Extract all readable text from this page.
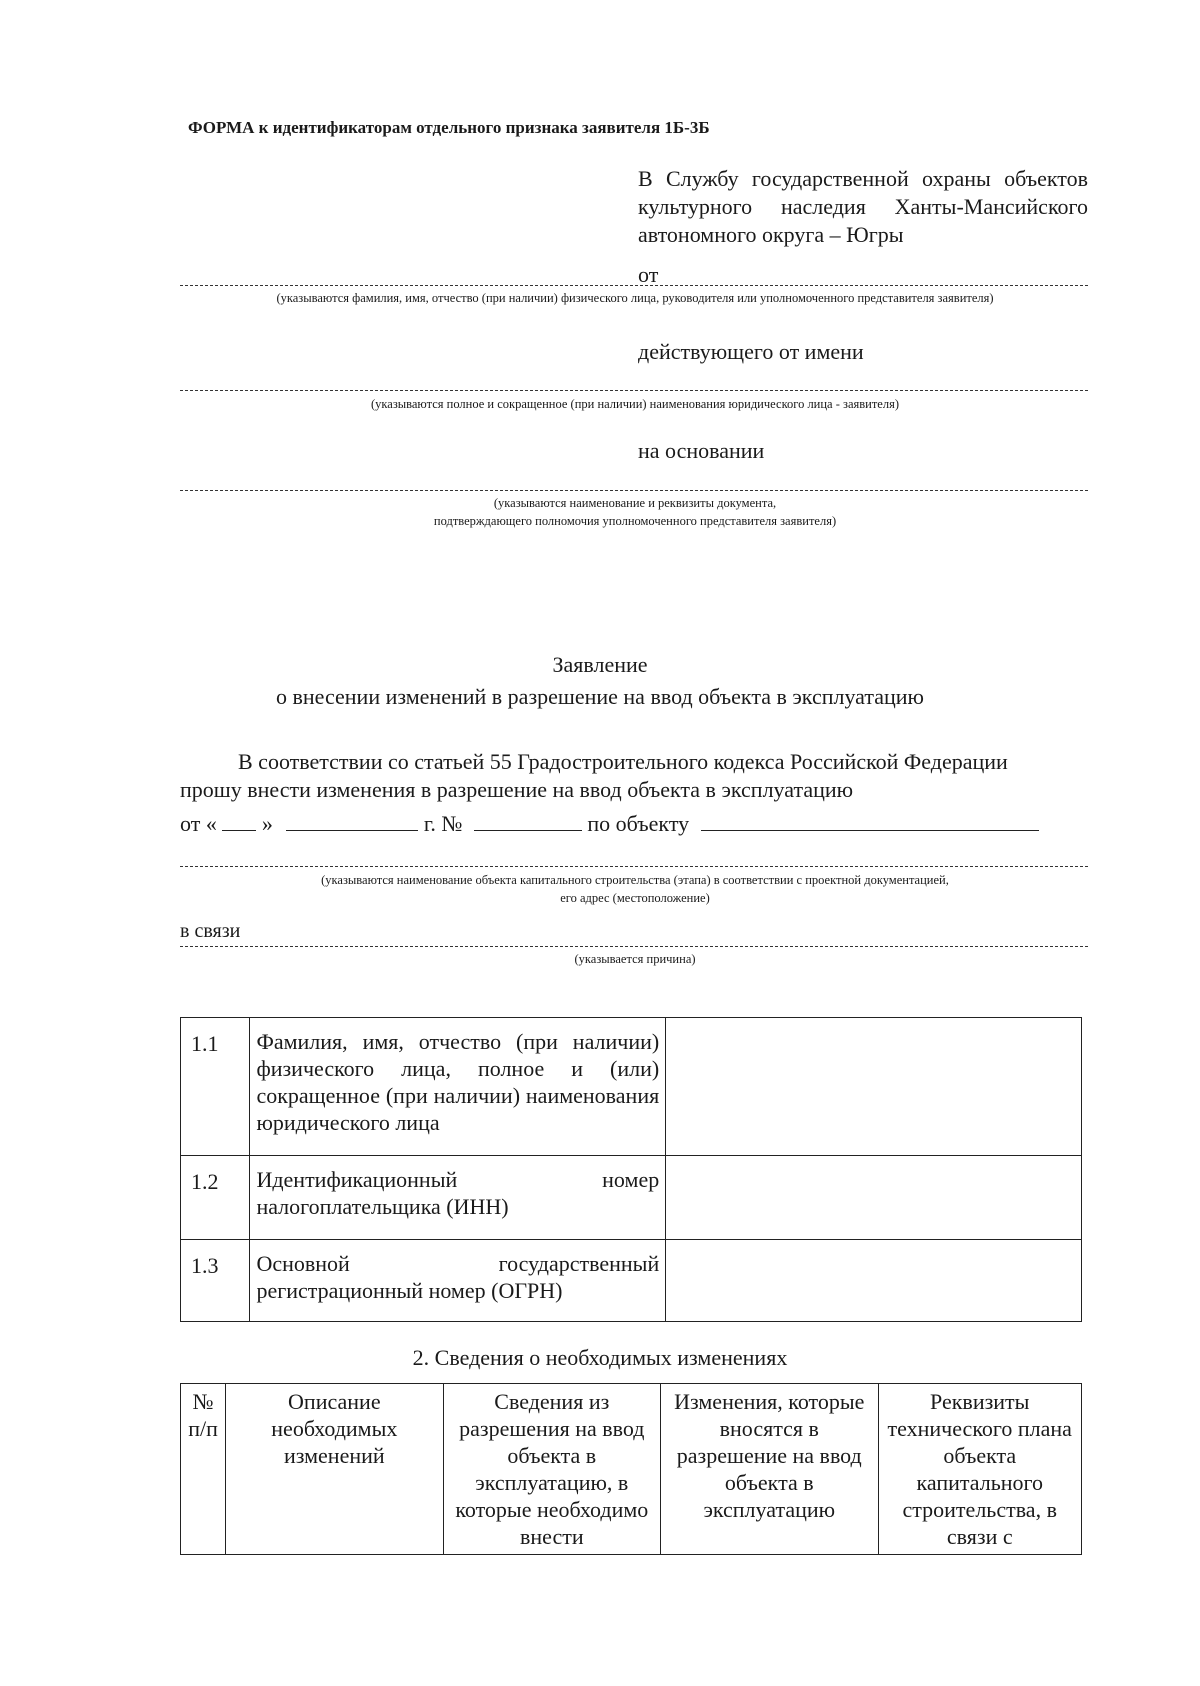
ФОРМА к идентификаторам отдельного признака заявителя 1Б-3Б
В Службу государственной охраны объектов культурного наследия Ханты-Мансийского автономного округа – Югры
от
(указываются фамилия, имя, отчество (при наличии) физического лица, руководителя или уполномоченного представителя заявителя)
действующего от имени
(указываются полное и сокращенное (при наличии) наименования юридического лица - заявителя)
на основании
(указываются наименование и реквизиты документа,
подтверждающего полномочия уполномоченного представителя заявителя)
Заявление
о внесении изменений в разрешение на ввод объекта в эксплуатацию
В соответствии со статьей 55 Градостроительного кодекса Российской Федерации
прошу внести изменения в разрешение на ввод объекта в эксплуатацию
от « »	г. №	по объекту
(указываются наименование объекта капитального строительства (этапа) в соответствии с проектной документацией,
его адрес (местоположение)
в связи
(указывается причина)
1.1	Фамилия, имя, отчество (при наличии) физического лица, полное и (или) сокращенное (при наличии) наименования юридического лица	
1.2	Идентификационный номер налогоплательщика (ИНН)	
1.3	Основной государственный регистрационный номер (ОГРН)	
2. Сведения о необходимых изменениях
№ п/п	Описание необходимых изменений	Сведения из разрешения на ввод объекта в эксплуатацию, в которые необходимо внести	Изменения, которые вносятся в разрешение на ввод объекта в эксплуатацию	Реквизиты технического плана объекта капитального строительства, в связи с
